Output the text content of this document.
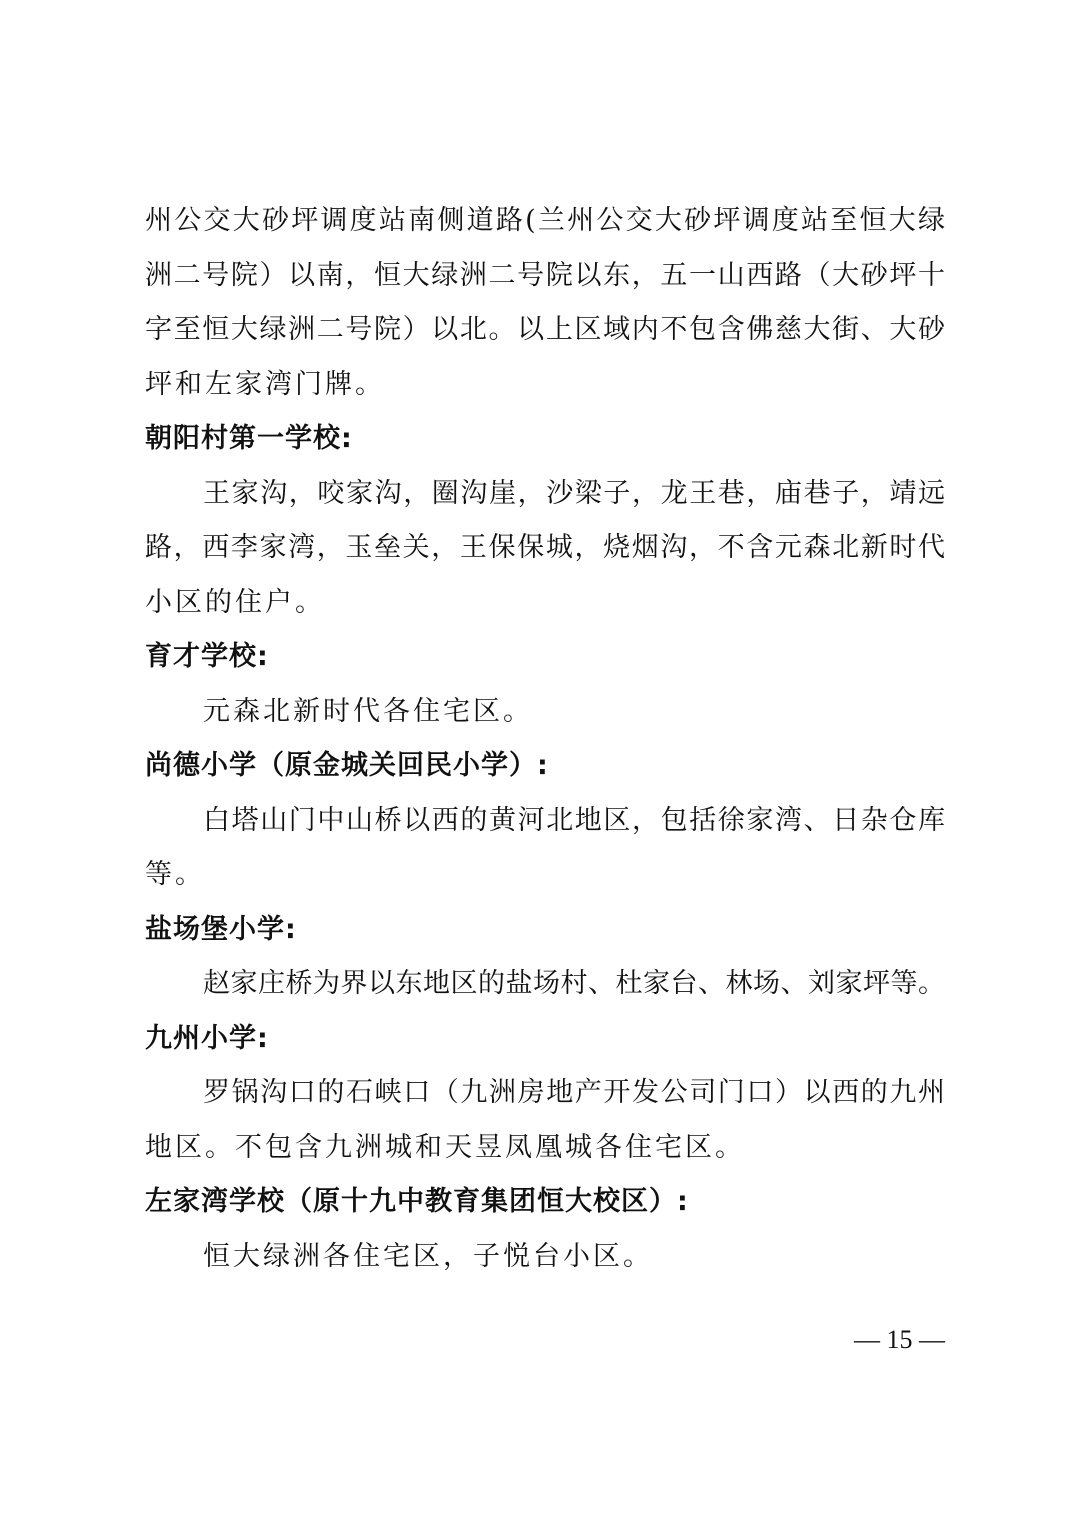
州公交大砂坪调度站南侧道路(兰州公交大砂坪调度站至恒大绿
洲二号院）以南，恒大绿洲二号院以东，五一山西路（大砂坪十
字至恒大绿洲二号院）以北。以上区域内不包含佛慈大街、大砂
坪和左家湾门牌。
朝阳村第一学校:
王家沟，咬家沟，圈沟崖，沙梁子，龙王巷，庙巷子，靖远
路，西李家湾，玉垒关，王保保城，烧烟沟，不含元森北新时代
小区的住户。
育才学校:
元森北新时代各住宅区。
尚德小学（原金城关回民小学）:
白塔山门中山桥以西的黄河北地区，包括徐家湾、日杂仓库
等。
盐场堡小学:
赵家庄桥为界以东地区的盐场村、杜家台、林场、刘家坪等。
九州小学:
罗锅沟口的石峡口（九洲房地产开发公司门口）以西的九州
地区。不包含九洲城和天昱凤凰城各住宅区。
左家湾学校（原十九中教育集团恒大校区）:
恒大绿洲各住宅区，子悦台小区。
— 15 —
